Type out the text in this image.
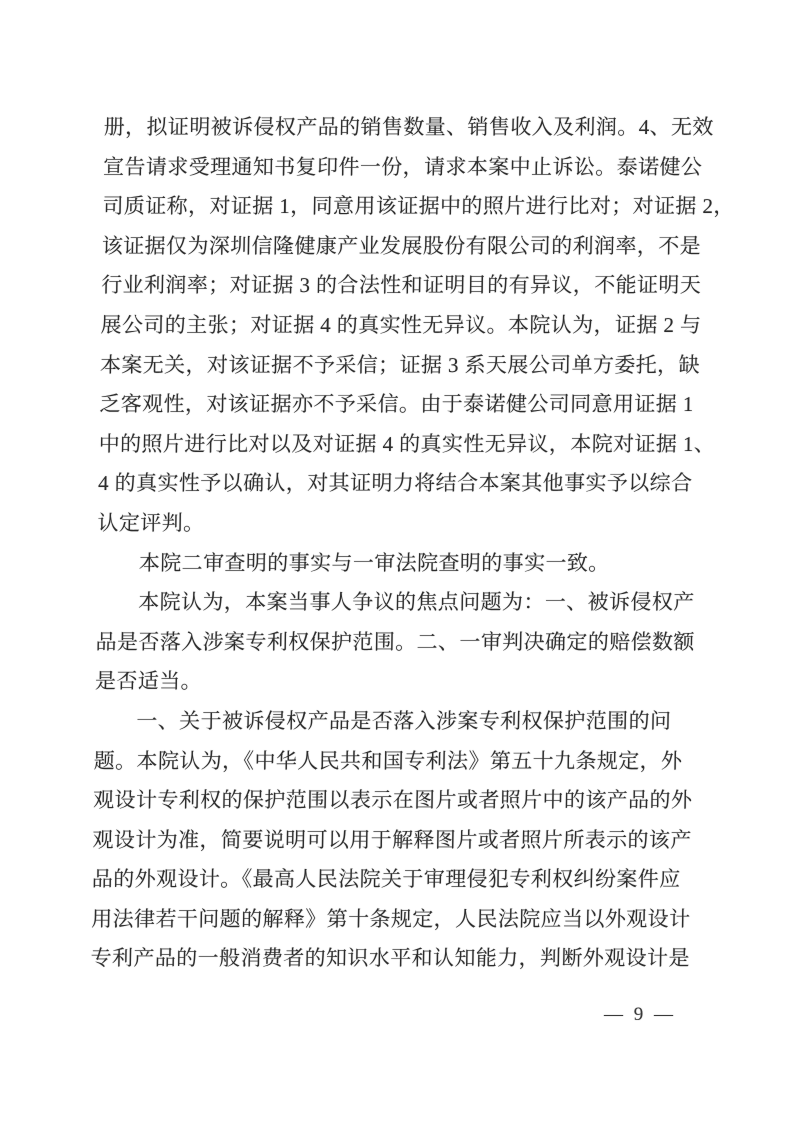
册，拟证明被诉侵权产品的销售数量、销售收入及利润。4、无效
宣告请求受理通知书复印件一份，请求本案中止诉讼。泰诺健公
司质证称，对证据 1，同意用该证据中的照片进行比对；对证据 2，
该证据仅为深圳信隆健康产业发展股份有限公司的利润率，不是
行业利润率；对证据 3 的合法性和证明目的有异议，不能证明天
展公司的主张；对证据 4 的真实性无异议。本院认为，证据 2 与
本案无关，对该证据不予采信；证据 3 系天展公司单方委托，缺
乏客观性，对该证据亦不予采信。由于泰诺健公司同意用证据 1
中的照片进行比对以及对证据 4 的真实性无异议，本院对证据 1、
4 的真实性予以确认，对其证明力将结合本案其他事实予以综合
认定评判。
本院二审查明的事实与一审法院查明的事实一致。
本院认为，本案当事人争议的焦点问题为：一、被诉侵权产
品是否落入涉案专利权保护范围。二、一审判决确定的赔偿数额
是否适当。
一、关于被诉侵权产品是否落入涉案专利权保护范围的问
题。本院认为，《中华人民共和国专利法》第五十九条规定，外
观设计专利权的保护范围以表示在图片或者照片中的该产品的外
观设计为准，简要说明可以用于解释图片或者照片所表示的该产
品的外观设计。《最高人民法院关于审理侵犯专利权纠纷案件应
用法律若干问题的解释》第十条规定，人民法院应当以外观设计
专利产品的一般消费者的知识水平和认知能力，判断外观设计是
— 9 —
